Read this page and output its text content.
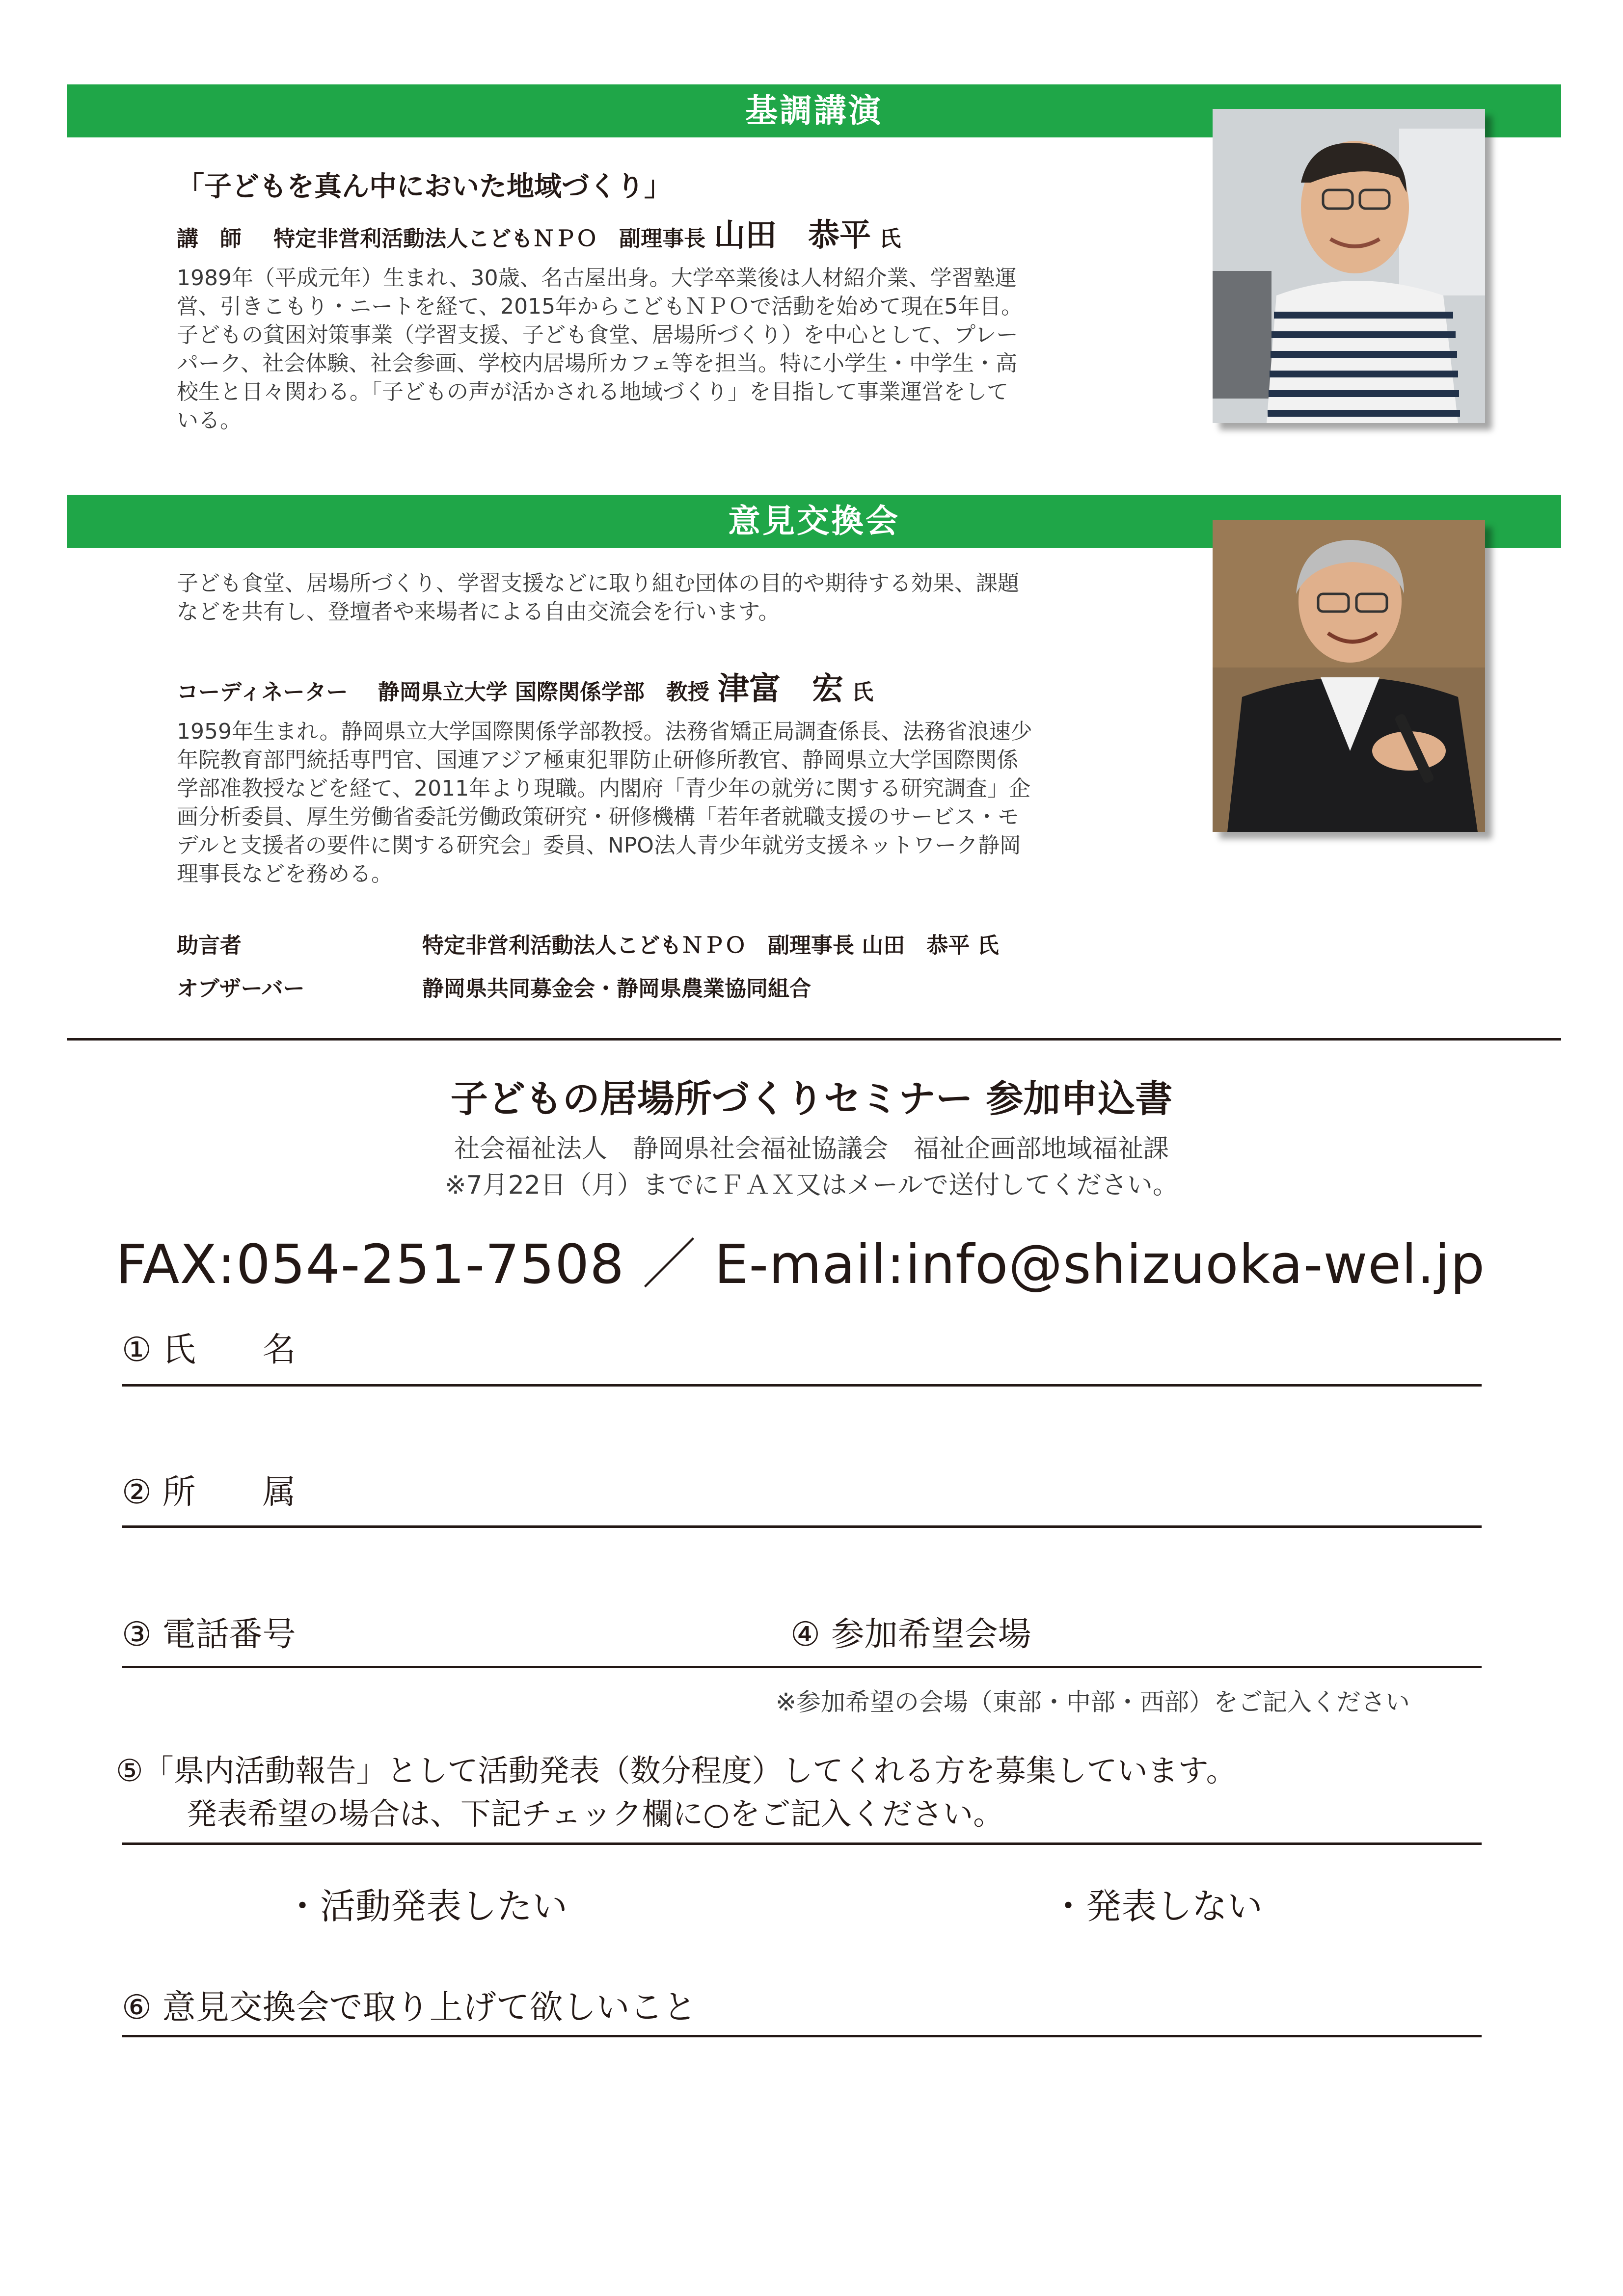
基調講演
「子どもを真ん中においた地域づくり」
講　師 特定非営利活動法人こどもＮＰＯ　副理事長 山田　恭平 氏
1989年（平成元年）生まれ、30歳、名古屋出身。大学卒業後は人材紹介業、学習塾運
営、引きこもり・ニートを経て、2015年からこどもＮＰＯで活動を始めて現在5年目。
子どもの貧困対策事業（学習支援、子ども食堂、居場所づくり）を中心として、プレー
パーク、社会体験、社会参画、学校内居場所カフェ等を担当。特に小学生・中学生・高
校生と日々関わる。「子どもの声が活かされる地域づくり」を目指して事業運営をして
いる。
意見交換会
子ども食堂、居場所づくり、学習支援などに取り組む団体の目的や期待する効果、課題
などを共有し、登壇者や来場者による自由交流会を行います。
コーディネーター 静岡県立大学 国際関係学部　教授 津富　宏 氏
1959年生まれ。静岡県立大学国際関係学部教授。法務省矯正局調査係長、法務省浪速少
年院教育部門統括専門官、国連アジア極東犯罪防止研修所教官、静岡県立大学国際関係
学部准教授などを経て、2011年より現職。内閣府「青少年の就労に関する研究調査」企
画分析委員、厚生労働省委託労働政策研究・研修機構「若年者就職支援のサービス・モ
デルと支援者の要件に関する研究会」委員、NPO法人青少年就労支援ネットワーク静岡
理事長などを務める。
助言者	特定非営利活動法人こどもＮＰＯ　副理事長 山田　恭平 氏
オブザーバー	静岡県共同募金会・静岡県農業協同組合
子どもの居場所づくりセミナー 参加申込書
社会福祉法人　静岡県社会福祉協議会　福祉企画部地域福祉課
※7月22日（月）までにＦＡＸ又はメールで送付してください。
FAX:054-251-7508 ／ E-mail:info@shizuoka-wel.jp
① 氏　　名
② 所　　属
③ 電話番号	④ 参加希望会場
※参加希望の会場（東部・中部・西部）をご記入ください
⑤「県内活動報告」として活動発表（数分程度）してくれる方を募集しています。
発表希望の場合は、下記チェック欄に○をご記入ください。
・活動発表したい	・発表しない
⑥ 意見交換会で取り上げて欲しいこと
